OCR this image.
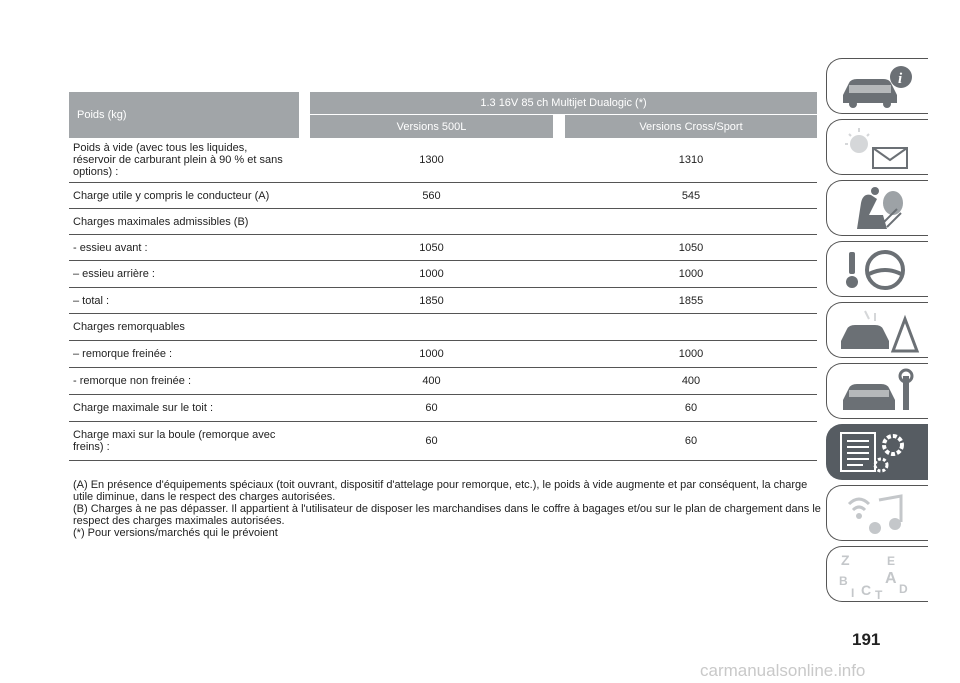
Poids (kg)		1.3 16V 85 ch Multijet Dualogic (*)		
		Versions 500L		Versions Cross/Sport
Poids à vide (avec tous les liquides, réservoir de carburant plein à 90 % et sans options) :		1300		1310
Charge utile y compris le conducteur (A)		560		545
Charges maximales admissibles (B)				
- essieu avant :		1050		1050
– essieu arrière :		1000		1000
– total :		1850		1855
Charges remorquables				
– remorque freinée :		1000		1000
- remorque non freinée :		400		400
Charge maximale sur le toit :		60		60
Charge maxi sur la boule (remorque avec freins) :		60		60

(A) En présence d'équipements spéciaux (toit ouvrant, dispositif d'attelage pour remorque, etc.), le poids à vide augmente et par conséquent, la charge utile diminue, dans le respect des charges autorisées.

(B) Charges à ne pas dépasser. Il appartient à l'utilisateur de disposer les marchandises dans le coffre à bagages et/ou sur le plan de chargement dans le respect des charges maximales autorisées.

(*) Pour versions/marchés qui le prévoient

i
Z	E
B A
I C T D
191
carmanualsonline.info
